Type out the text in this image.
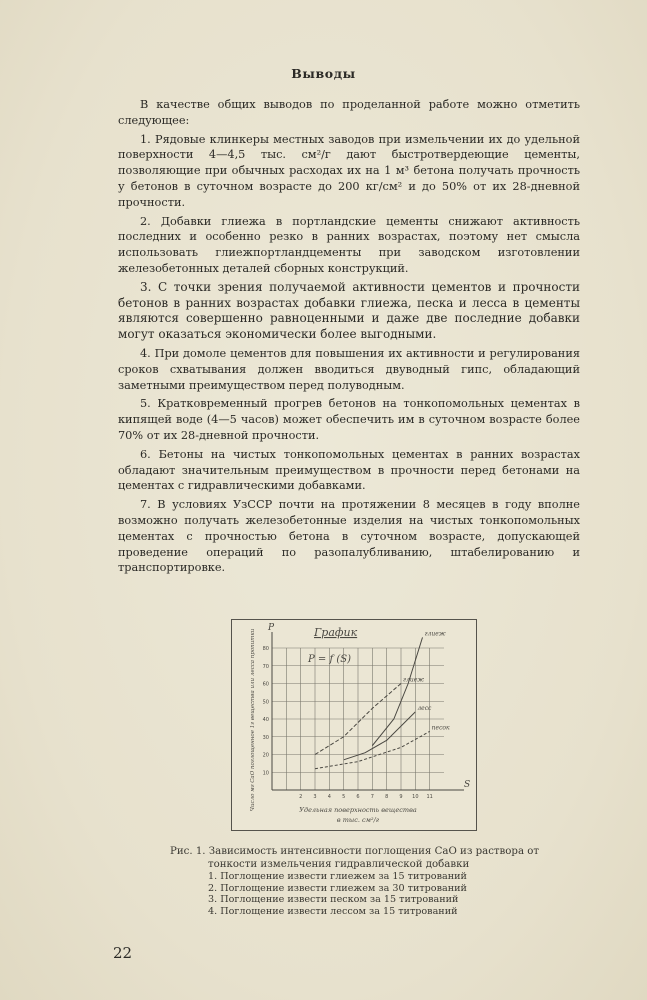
Выводы

В качестве общих выводов по проделанной работе можно отметить следующее:

1. Рядовые клинкеры местных заводов при измельчении их до удельной поверхности 4—4,5 тыс. см²/г дают быстротвердеющие цементы, позволяющие при обычных расходах их на 1 м³ бетона получать прочность у бетонов в суточном возрасте до 200 кг/см² и до 50% от их 28-дневной прочности.

2. Добавки глиежа в портландские цементы снижают активность последних и особенно резко в ранних возрастах, поэтому нет смысла использовать глиежпортландцементы при заводском изготовлении железобетонных деталей сборных конструкций.

3. С точки зрения получаемой активности цементов и прочности бетонов в ранних возрастах добавки глиежа, песка и лесса в цементы являются совершенно равноценными и даже две последние добавки могут оказаться экономически более выгодными.

4. При домоле цементов для повышения их активности и регулирования сроков схватывания должен вводиться двуводный гипс, обладающий заметными преимуществом перед полуводным.

5. Кратковременный прогрев бетонов на тонкопомольных цементах в кипящей воде (4—5 часов) может обеспечить им в суточном возрасте более 70% от их 28-дневной прочности.

6. Бетоны на чистых тонкопомольных цементах в ранних возрастах обладают значительным преимуществом в прочности перед бетонами на цементах с гидравлическими добавками.

7. В условиях УзССР почти на протяжении 8 месяцев в году вполне возможно получать железобетонные изделия на чистых тонкопомольных цементах с прочностью бетона в суточном возрасте, допускающей проведение операций по разопалубливанию, штабелированию и транспортировке.

P
S
График
P = f (S)
10
20
30
40
50
60
70
80
2 3 4 5 6 7 8 9 10 11
Число мг CaO поглощенное 1г вещества или лесса пропитки	Удельная поверхность вещества
в тыс. см²/г
глиеж
глиеж
песок
лесс
Рис. 1. Зависимость интенсивности поглощения CaO из раствора от
тонкости измельчения гидравлической добавки
1. Поглощение извести глиежем за 15 титрований
2. Поглощение извести глиежем за 30 титрований
3. Поглощение извести песком за 15 титрований
4. Поглощение извести лессом за 15 титрований
22
